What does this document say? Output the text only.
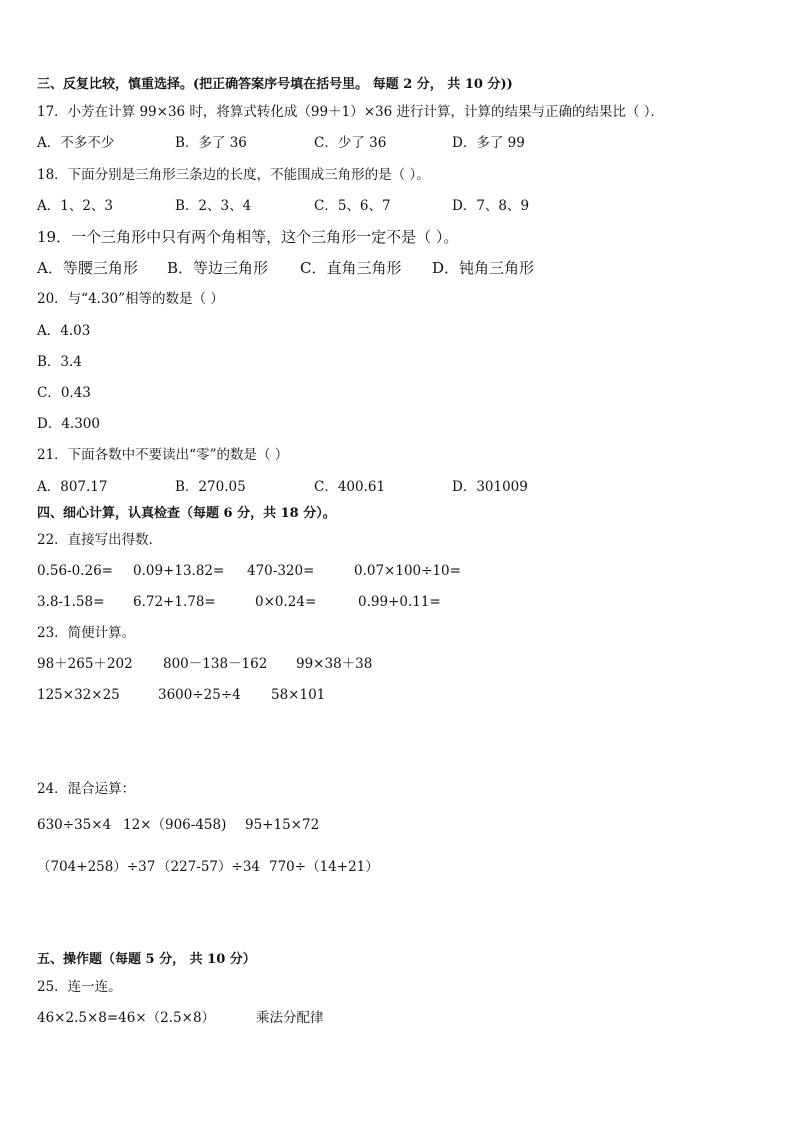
三、反复比较，慎重选择。(把正确答案序号填在括号里。 每题 2 分， 共 10 分))
17．小芳在计算 99×36 时，将算式转化成（99＋1）×36 进行计算，计算的结果与正确的结果比（ ）．
A．不多不少	B．多了 36	C．少了 36	D．多了 99
18．下面分别是三角形三条边的长度，不能围成三角形的是（ ）。
A．1、2、3	B．2、3、4	C．5、6、7	D．7、8、9
19．一个三角形中只有两个角相等，这个三角形一定不是（ ）。
A．等腰三角形 B．等边三角形 C．直角三角形 D．钝角三角形
20．与“4.30”相等的数是（ ）
A．4.03
B．3.4
C．0.43
D．4.300
21．下面各数中不要读出“零”的数是（ ）
A．807.17	B．270.05	C．400.61	D．301009
四、细心计算，认真检查（每题 6 分，共 18 分）。
22．直接写出得数．
0.56-0.26= 0.09+13.82= 470-320=	0.07×100÷10=
3.8-1.58= 6.72+1.78=	0×0.24=	0.99+0.11=
23．简便计算。
98＋265＋202 800－138－162 99×38＋38
125×32×25	3600÷25÷4 58×101
24．混合运算：
630÷35×4 12×（906-458) 95+15×72
（704+258）÷37 （227-57）÷34 770÷（14+21）
五、操作题（每题 5 分， 共 10 分）
25．连一连。
46×2.5×8=46×（2.5×8）	乘法分配律
